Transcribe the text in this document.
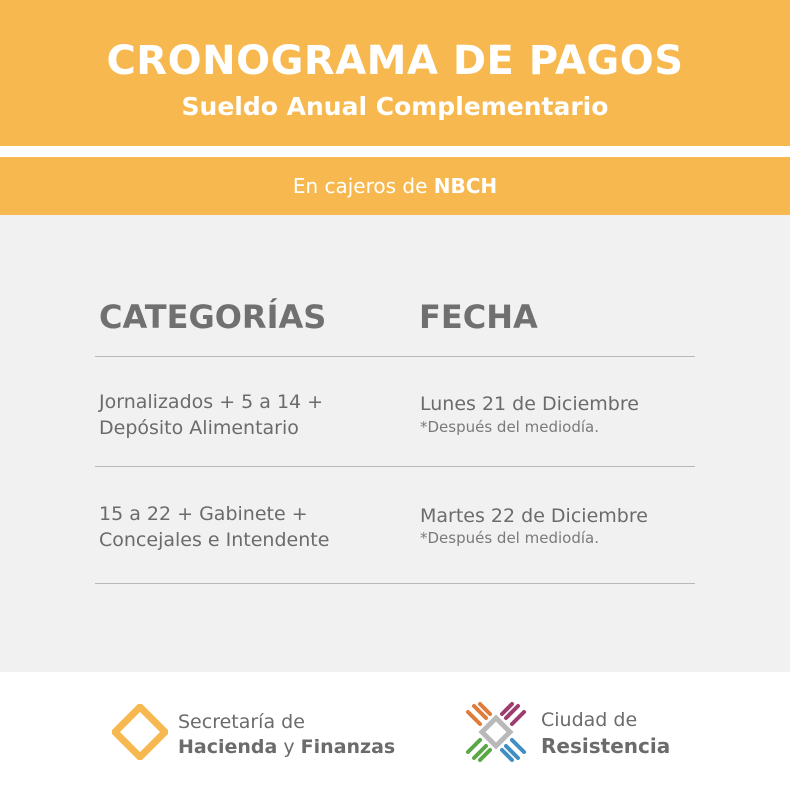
CRONOGRAMA DE PAGOS
Sueldo Anual Complementario
En cajeros de NBCH
CATEGORÍAS	FECHA
Jornalizados + 5 a 14 +
Depósito Alimentario
Lunes 21 de Diciembre
*Después del mediodía.
15 a 22 + Gabinete +
Concejales e Intendente
Martes 22 de Diciembre
*Después del mediodía.
Secretaría de
Hacienda y Finanzas
Ciudad de
Resistencia
